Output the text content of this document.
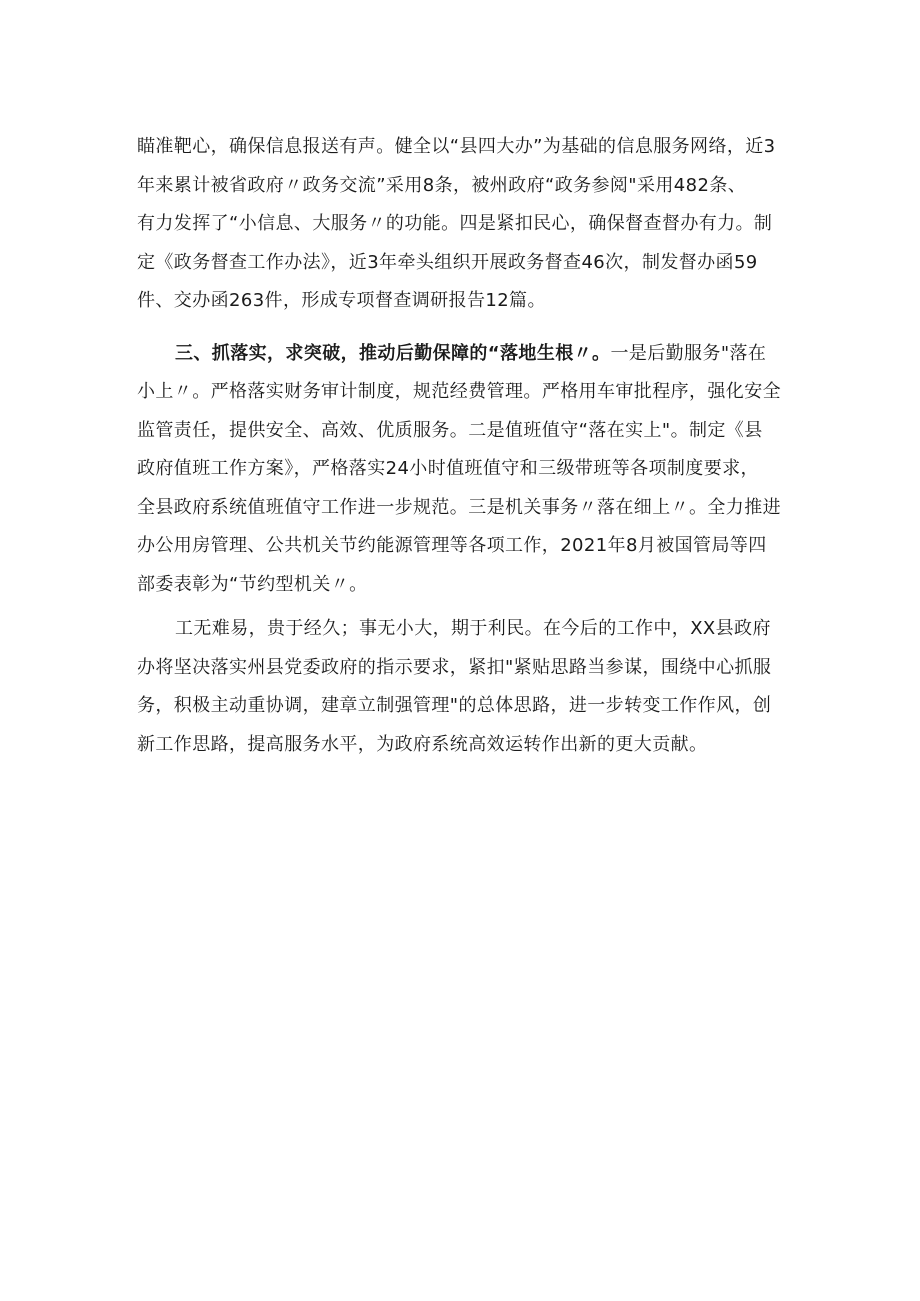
瞄准靶心，确保信息报送有声。健全以“县四大办”为基础的信息服务网络，近3
年来累计被省政府〃政务交流”采用8条，被州政府“政务参阅"采用482条、
有力发挥了“小信息、大服务〃的功能。四是紧扣民心，确保督查督办有力。制
定《政务督查工作办法》，近3年牵头组织开展政务督查46次，制发督办函59
件、交办函263件，形成专项督查调研报告12篇。
三、抓落实，求突破，推动后勤保障的“落地生根〃。一是后勤服务"落在
小上〃。严格落实财务审计制度，规范经费管理。严格用车审批程序，强化安全
监管责任，提供安全、高效、优质服务。二是值班值守“落在实上"。制定《县
政府值班工作方案》，严格落实24小时值班值守和三级带班等各项制度要求，
全县政府系统值班值守工作进一步规范。三是机关事务〃落在细上〃。全力推进
办公用房管理、公共机关节约能源管理等各项工作，2021年8月被国管局等四
部委表彰为“节约型机关〃。
工无难易，贵于经久；事无小大，期于利民。在今后的工作中，XX县政府
办将坚决落实州县党委政府的指示要求，紧扣"紧贴思路当参谋，围绕中心抓服
务，积极主动重协调，建章立制强管理"的总体思路，进一步转变工作作风，创
新工作思路，提高服务水平，为政府系统高效运转作出新的更大贡献。
